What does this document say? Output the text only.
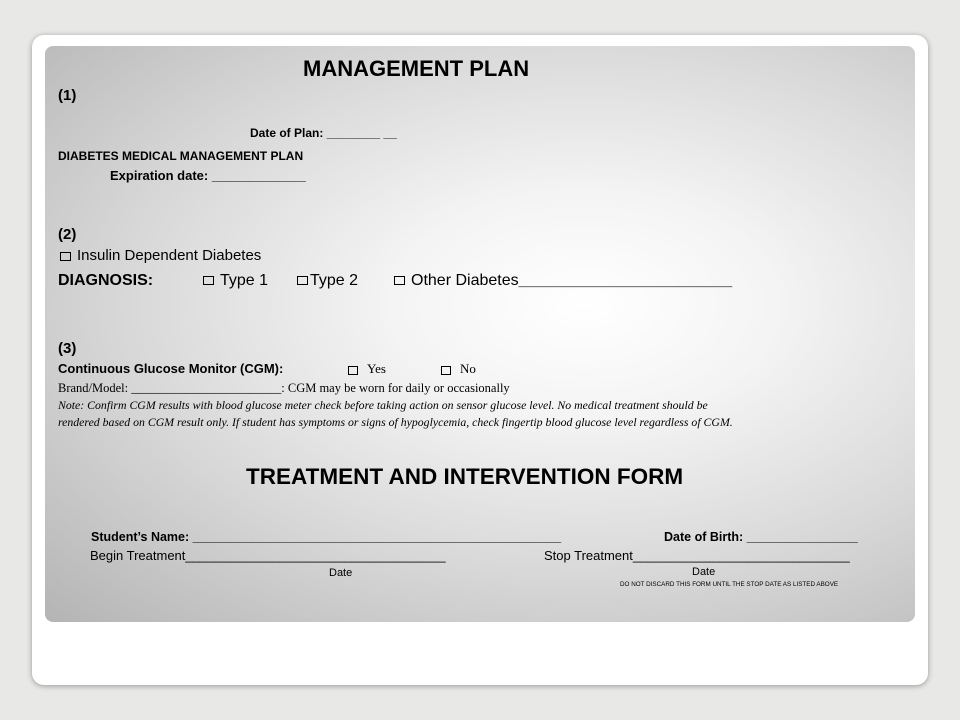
MANAGEMENT PLAN
(1)
Date of Plan: ________ __
DIABETES MEDICAL MANAGEMENT PLAN
Expiration date: _____________
(2)
Insulin Dependent Diabetes
DIAGNOSIS:	Type 1	Type 2	Other Diabetes________________________
(3)
Continuous Glucose Monitor (CGM):	Yes	No
Brand/Model: ________________________: CGM may be worn for daily or occasionally
Note: Confirm CGM results with blood glucose meter check before taking action on sensor glucose level. No medical treatment should be
rendered based on CGM result only. If student has symptoms or signs of hypoglycemia, check fingertip blood glucose level regardless of CGM.
TREATMENT AND INTERVENTION FORM
Student’s Name: _____________________________________________________	Date of Birth: ________________
Begin Treatment____________________________________	Stop Treatment______________________________
Date	Date
DO NOT DISCARD THIS FORM UNTIL THE STOP DATE AS LISTED ABOVE
